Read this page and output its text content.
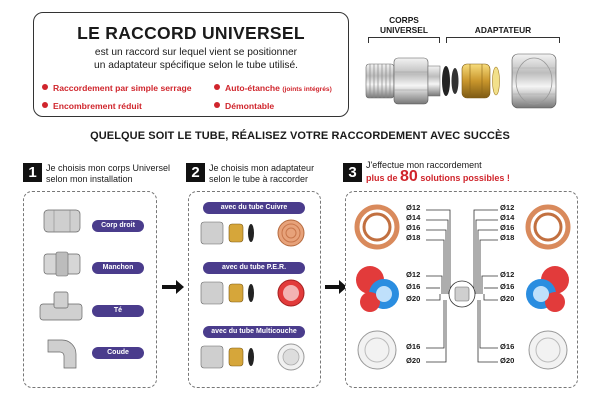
LE RACCORD UNIVERSEL
est un raccord sur lequel vient se positionner
un adaptateur spécifique selon le tube utilisé.
Raccordement par simple serrage
Encombrement réduit
Auto-étanche (joints intégrés)
Démontable
CORPS
UNIVERSEL	ADAPTATEUR
QUELQUE SOIT LE TUBE, RÉALISEZ VOTRE RACCORDEMENT AVEC SUCCÈS
1	Je choisis mon corps Universel
selon mon installation	2	Je choisis mon adaptateur
selon le tube à raccorder	3	J'effectue mon raccordement
plus de 80 solutions possibles !
Corp droit
Manchon
Té
Coude
avec du tube Cuivre
avec du tube P.E.R.
avec du tube Multicouche
Ø12
Ø14
Ø16
Ø18
Ø12
Ø16
Ø20
Ø16
Ø20
Ø12
Ø14
Ø16
Ø18
Ø12
Ø16
Ø20
Ø16
Ø20
